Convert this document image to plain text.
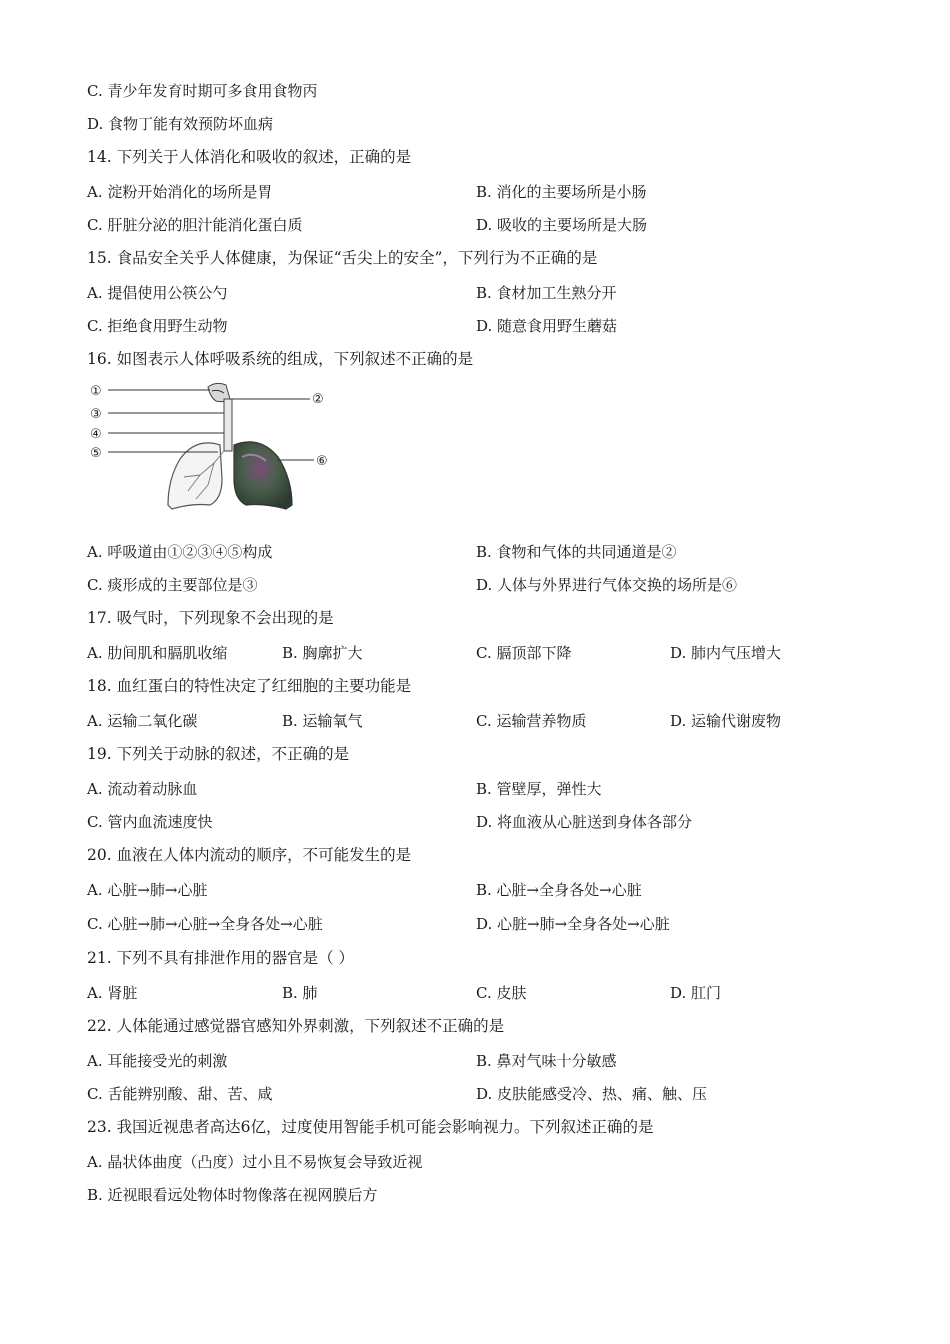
C. 青少年发育时期可多食用食物丙
D. 食物丁能有效预防坏血病
14. 下列关于人体消化和吸收的叙述，正确的是
A. 淀粉开始消化的场所是胃	B. 消化的主要场所是小肠
C. 肝脏分泌的胆汁能消化蛋白质	D. 吸收的主要场所是大肠
15. 食品安全关乎人体健康，为保证“舌尖上的安全”，下列行为不正确的是
A. 提倡使用公筷公勺	B. 食材加工生熟分开
C. 拒绝食用野生动物	D. 随意食用野生蘑菇
16. 如图表示人体呼吸系统的组成，下列叙述不正确的是
①
②
③
④
⑤
⑥
A. 呼吸道由①②③④⑤构成	B. 食物和气体的共同通道是②
C. 痰形成的主要部位是③	D. 人体与外界进行气体交换的场所是⑥
17. 吸气时，下列现象不会出现的是
A. 肋间肌和膈肌收缩	B. 胸廓扩大	C. 膈顶部下降	D. 肺内气压增大
18. 血红蛋白的特性决定了红细胞的主要功能是
A. 运输二氧化碳	B. 运输氧气	C. 运输营养物质	D. 运输代谢废物
19. 下列关于动脉的叙述，不正确的是
A. 流动着动脉血	B. 管壁厚，弹性大
C. 管内血流速度快	D. 将血液从心脏送到身体各部分
20. 血液在人体内流动的顺序，不可能发生的是
A. 心脏→肺→心脏	B. 心脏→全身各处→心脏
C. 心脏→肺→心脏→全身各处→心脏	D. 心脏→肺→全身各处→心脏
21. 下列不具有排泄作用的器官是（ ）
A. 肾脏	B. 肺	C. 皮肤	D. 肛门
22. 人体能通过感觉器官感知外界刺激，下列叙述不正确的是
A. 耳能接受光的刺激	B. 鼻对气味十分敏感
C. 舌能辨别酸、甜、苦、咸	D. 皮肤能感受冷、热、痛、触、压
23. 我国近视患者高达6亿，过度使用智能手机可能会影响视力。下列叙述正确的是
A. 晶状体曲度（凸度）过小且不易恢复会导致近视
B. 近视眼看远处物体时物像落在视网膜后方
